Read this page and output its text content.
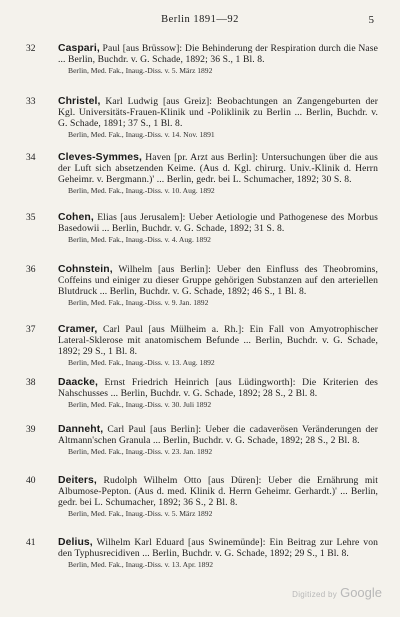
Berlin 1891—92	5
32 Caspari, Paul [aus Brüssow]: Die Behinderung der Respiration durch die Nase ... Berlin, Buchdr. v. G. Schade, 1892; 36 S., 1 Bl. 8.
Berlin, Med. Fak., Inaug.-Diss. v. 5. März 1892
33 Christel, Karl Ludwig [aus Greiz]: Beobachtungen an Zangengeburten der Kgl. Universitäts-Frauen-Klinik und -Poliklinik zu Berlin ... Berlin, Buchdr. v. G. Schade, 1891; 37 S., 1 Bl. 8.
Berlin, Med. Fak., Inaug.-Diss. v. 14. Nov. 1891
34 Cleves-Symmes, Haven [pr. Arzt aus Berlin]: Untersuchungen über die aus der Luft sich absetzenden Keime. (Aus d. Kgl. chirurg. Univ.-Klinik d. Herrn Geheimr. v. Bergmann.)' ... Berlin, gedr. bei L. Schumacher, 1892; 30 S. 8.
Berlin, Med. Fak., Inaug.-Diss. v. 10. Aug. 1892
35 Cohen, Elias [aus Jerusalem]: Ueber Aetiologie und Pathogenese des Morbus Basedowii ... Berlin, Buchdr. v. G. Schade, 1892; 31 S. 8.
Berlin, Med. Fak., Inaug.-Diss. v. 4. Aug. 1892
36 Cohnstein, Wilhelm [aus Berlin]: Ueber den Einfluss des Theobromins, Coffeins und einiger zu dieser Gruppe gehörigen Substanzen auf den arteriellen Blutdruck ... Berlin, Buchdr. v. G. Schade, 1892; 46 S., 1 Bl. 8.
Berlin, Med. Fak., Inaug.-Diss. v. 9. Jan. 1892
37 Cramer, Carl Paul [aus Mülheim a. Rh.]: Ein Fall von Amyotrophischer Lateral-Sklerose mit anatomischem Befunde ... Berlin, Buchdr. v. G. Schade, 1892; 29 S., 1 Bl. 8.
Berlin, Med. Fak., Inaug.-Diss. v. 13. Aug. 1892
38 Daacke, Ernst Friedrich Heinrich [aus Lüdingworth]: Die Kriterien des Nahschusses ... Berlin, Buchdr. v. G. Schade, 1892; 28 S., 2 Bl. 8.
Berlin, Med. Fak., Inaug.-Diss. v. 30. Juli 1892
39 Danneht, Carl Paul [aus Berlin]: Ueber die cadaverösen Veränderungen der Altmann'schen Granula ... Berlin, Buchdr. v. G. Schade, 1892; 28 S., 2 Bl. 8.
Berlin, Med. Fak., Inaug.-Diss. v. 23. Jan. 1892
40 Deiters, Rudolph Wilhelm Otto [aus Düren]: Ueber die Ernährung mit Albumose-Pepton. (Aus d. med. Klinik d. Herrn Geheimr. Gerhardt.)' ... Berlin, gedr. bei L. Schumacher, 1892; 36 S., 2 Bl. 8.
Berlin, Med. Fak., Inaug.-Diss. v. 5. März 1892
41 Delius, Wilhelm Karl Eduard [aus Swinemünde]: Ein Beitrag zur Lehre von den Typhusrecidiven ... Berlin, Buchdr. v. G. Schade, 1892; 29 S., 1 Bl. 8.
Berlin, Med. Fak., Inaug.-Diss. v. 13. Apr. 1892
Digitized by Google
